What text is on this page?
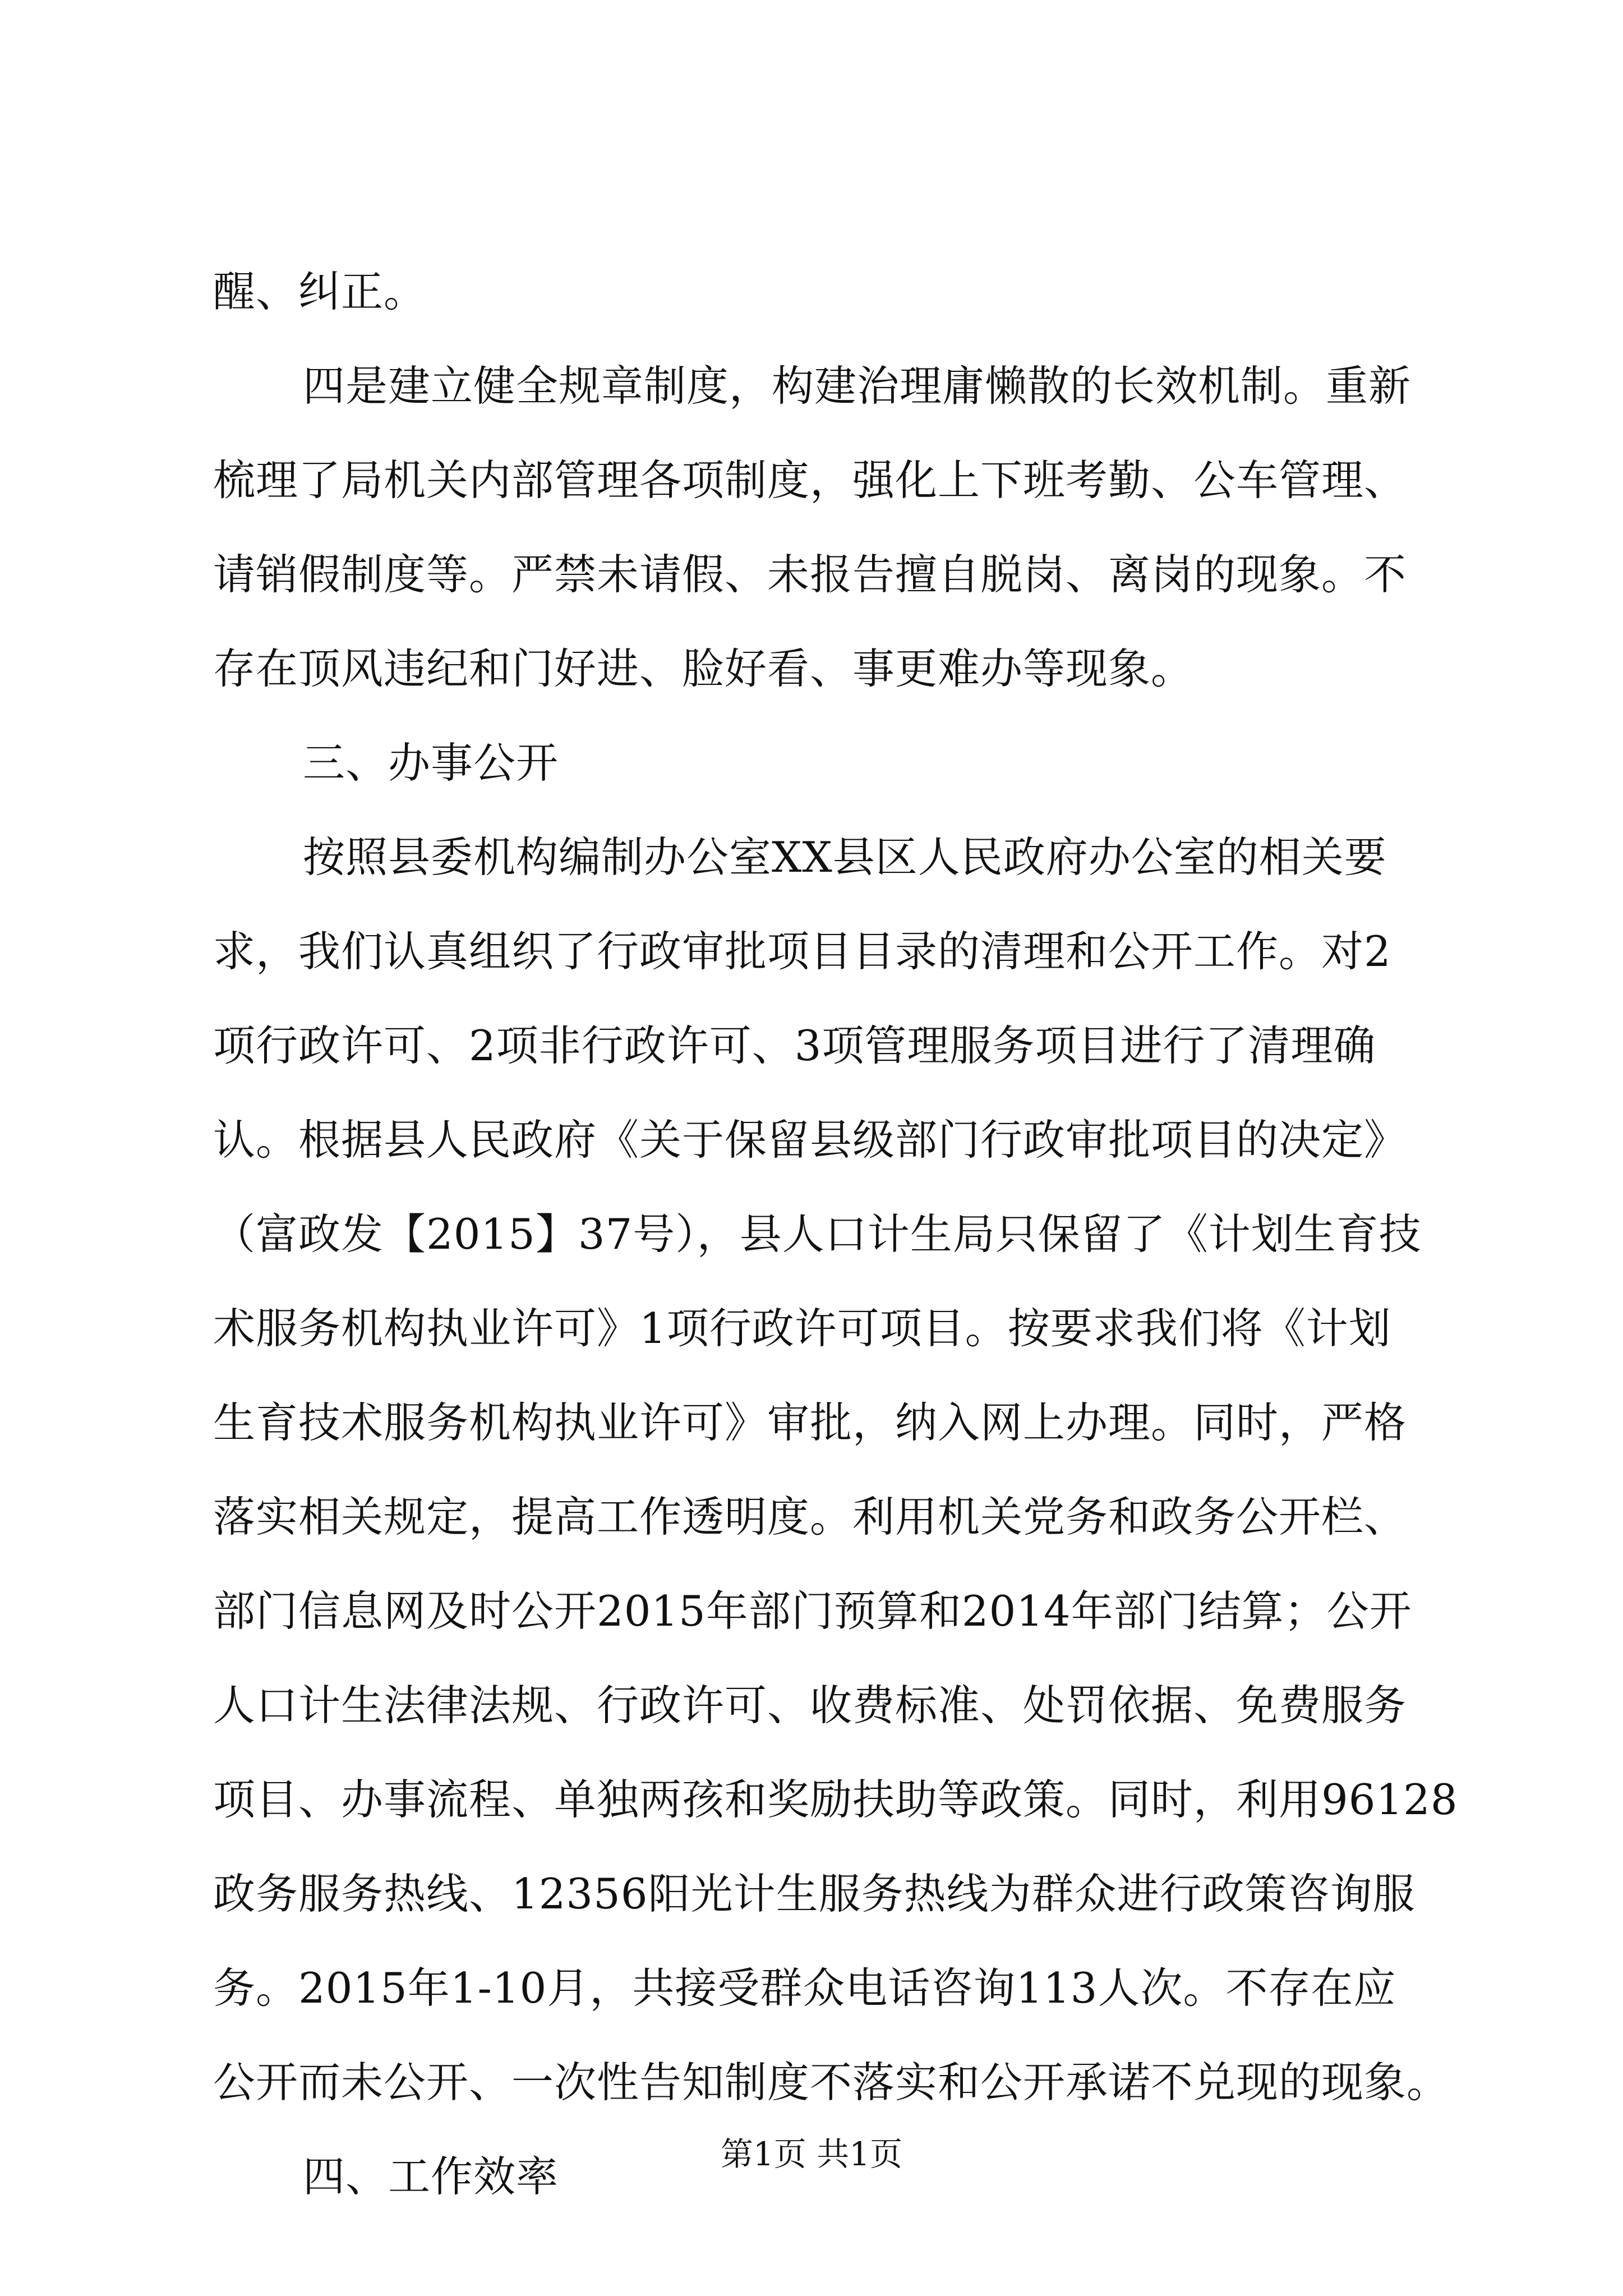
醒、纠正。
四是建立健全规章制度，构建治理庸懒散的长效机制。重新
梳理了局机关内部管理各项制度，强化上下班考勤、公车管理、
请销假制度等。严禁未请假、未报告擅自脱岗、离岗的现象。不
存在顶风违纪和门好进、脸好看、事更难办等现象。
三、办事公开
按照县委机构编制办公室XX县区人民政府办公室的相关要
求，我们认真组织了行政审批项目目录的清理和公开工作。对2
项行政许可、2项非行政许可、3项管理服务项目进行了清理确
认。根据县人民政府《关于保留县级部门行政审批项目的决定》
（富政发【2015】37号），县人口计生局只保留了《计划生育技
术服务机构执业许可》1项行政许可项目。按要求我们将《计划
生育技术服务机构执业许可》审批，纳入网上办理。同时，严格
落实相关规定，提高工作透明度。利用机关党务和政务公开栏、
部门信息网及时公开2015年部门预算和2014年部门结算；公开
人口计生法律法规、行政许可、收费标准、处罚依据、免费服务
项目、办事流程、单独两孩和奖励扶助等政策。同时，利用96128
政务服务热线、12356阳光计生服务热线为群众进行政策咨询服
务。2015年1-10月，共接受群众电话咨询113人次。不存在应
公开而未公开、一次性告知制度不落实和公开承诺不兑现的现象。
四、工作效率	第1页 共1页
